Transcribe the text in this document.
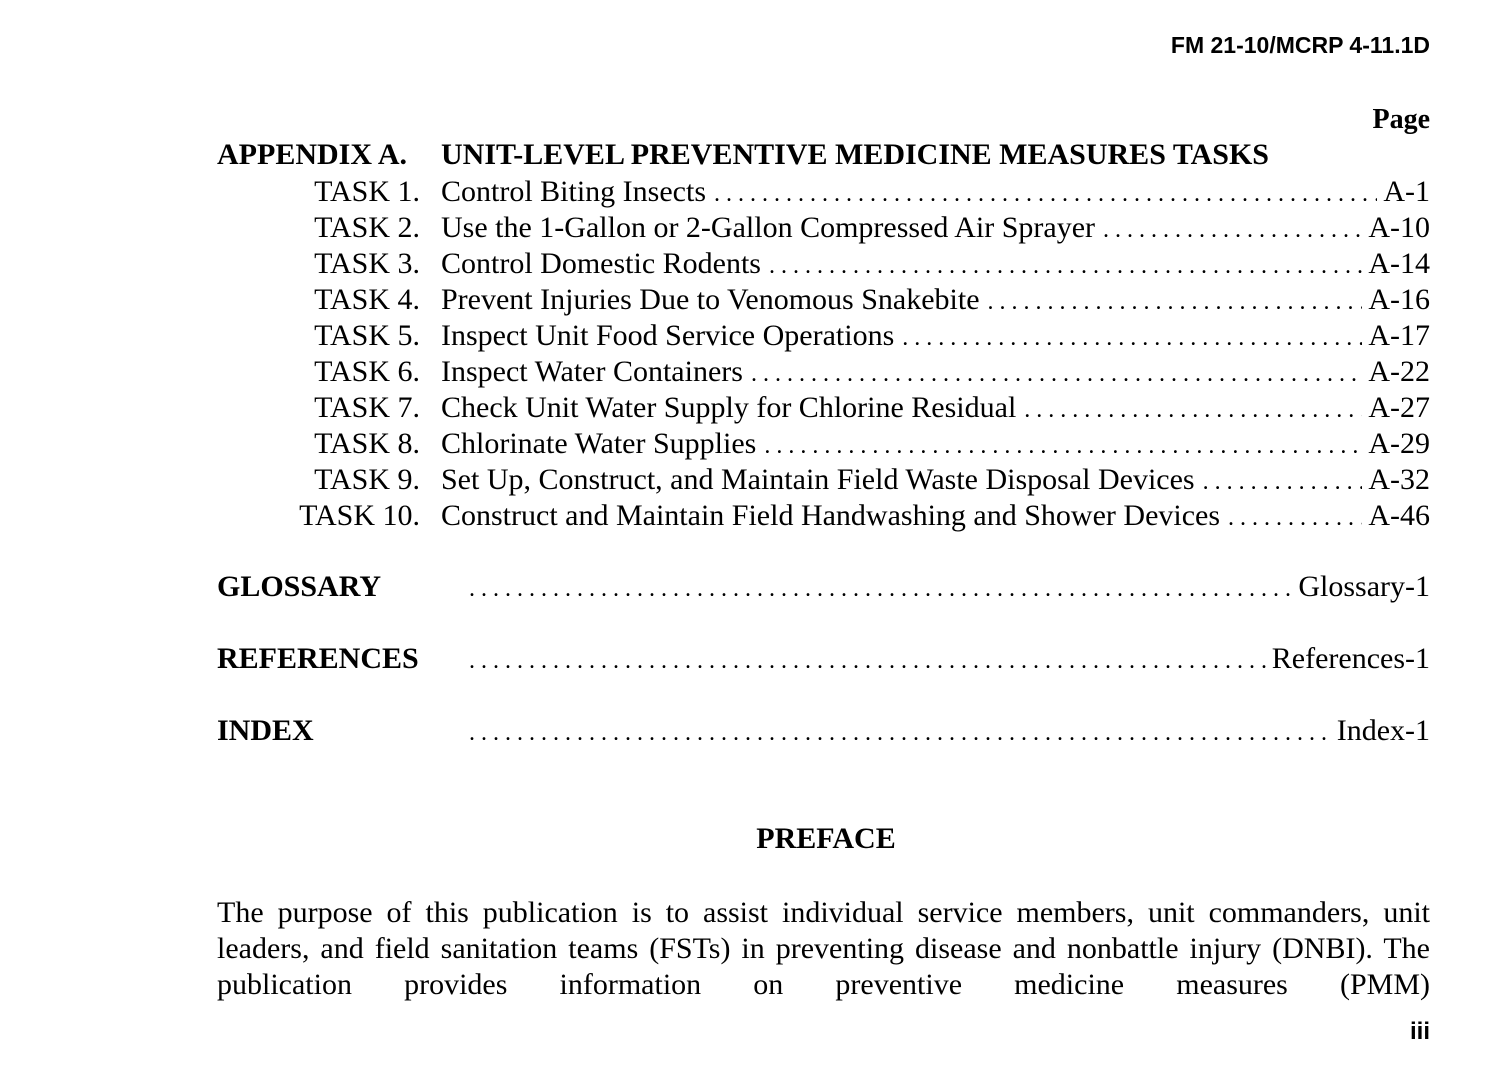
FM 21-10/MCRP 4-11.1D
Page
APPENDIX A. UNIT-LEVEL PREVENTIVE MEDICINE MEASURES TASKS
TASK 1. Control Biting Insects . . .	A-1
TASK 2. Use the 1-Gallon or 2-Gallon Compressed Air Sprayer . . .	A-10
TASK 3. Control Domestic Rodents . . .	A-14
TASK 4. Prevent Injuries Due to Venomous Snakebite . . .	A-16
TASK 5. Inspect Unit Food Service Operations . . .	A-17
TASK 6. Inspect Water Containers . . .	A-22
TASK 7. Check Unit Water Supply for Chlorine Residual . . .	A-27
TASK 8. Chlorinate Water Supplies . . .	A-29
TASK 9. Set Up, Construct, and Maintain Field Waste Disposal Devices . . .	A-32
TASK 10. Construct and Maintain Field Handwashing and Shower Devices . . .	A-46
GLOSSARY . . .	Glossary-1
REFERENCES . . .	References-1
INDEX . . .	Index-1
PREFACE

The purpose of this publication is to assist individual service members, unit commanders, unit leaders, and field sanitation teams (FSTs) in preventing disease and nonbattle injury (DNBI). The publication provides information on preventive medicine measures (PMM)

iii
